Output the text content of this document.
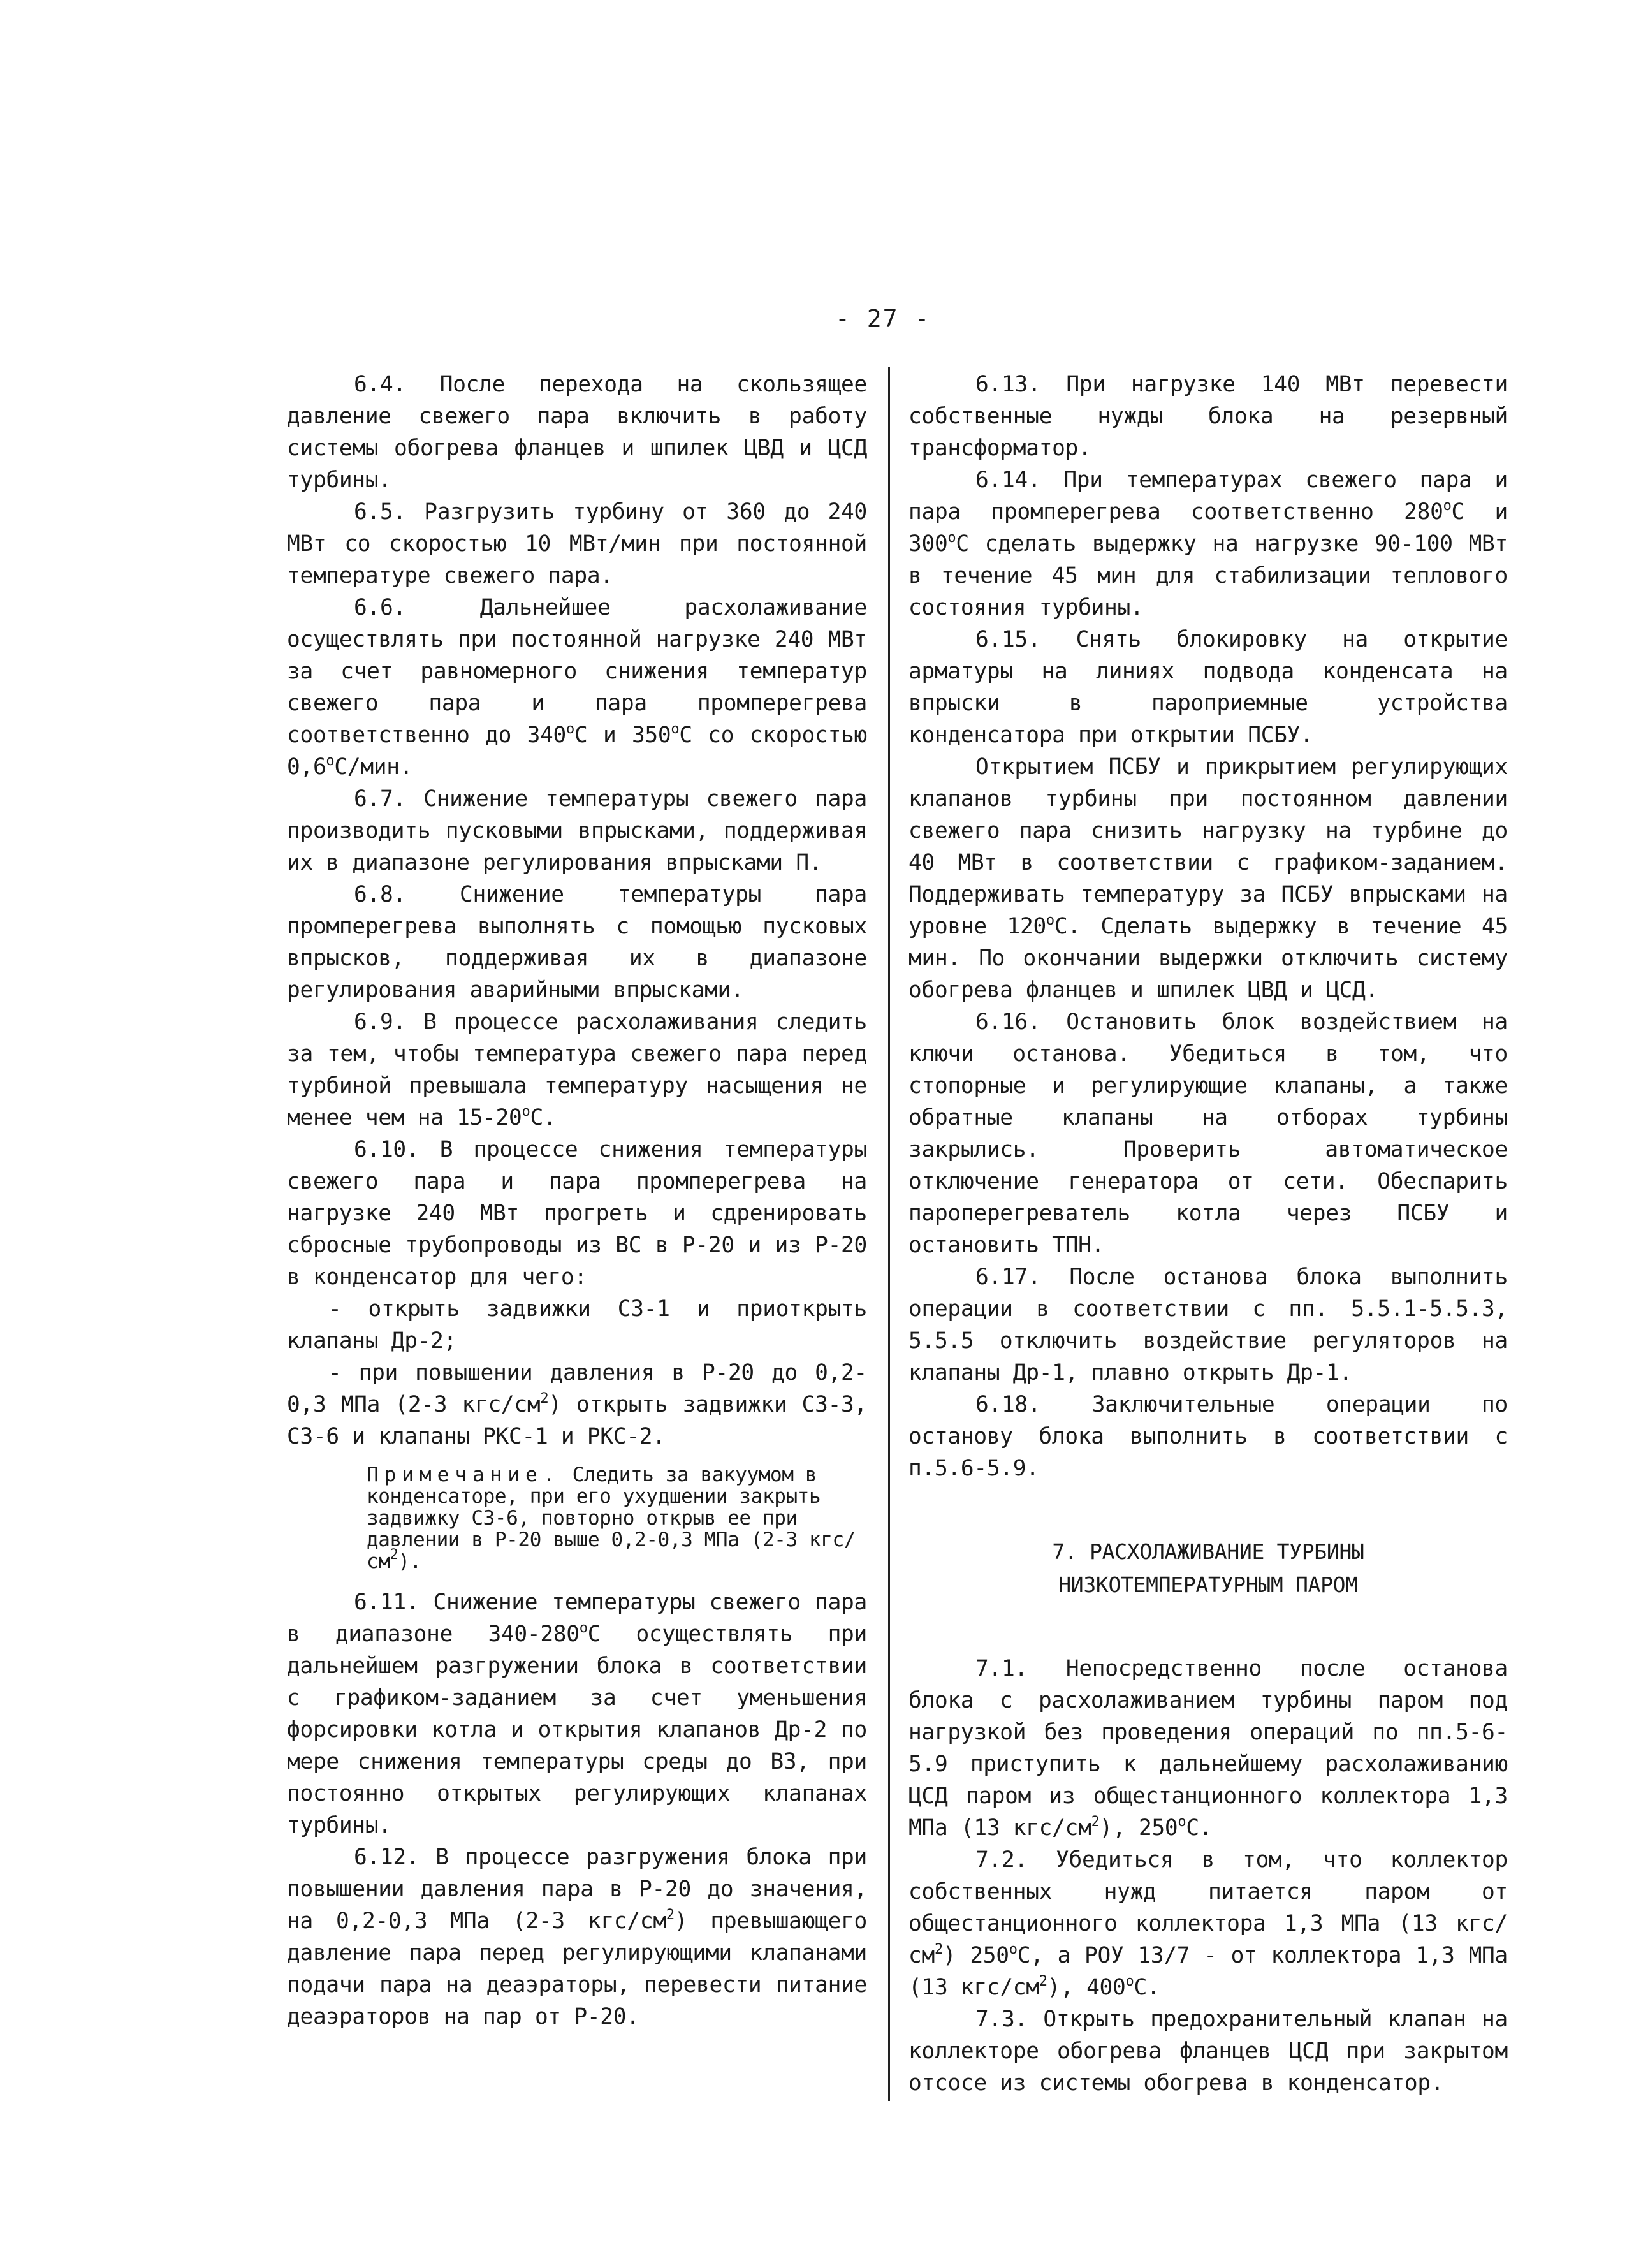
- 27 -

6.4. После перехода на скользящее давление свежего пара включить в работу системы обогрева фланцев и шпилек ЦВД и ЦСД турбины.

6.5. Разгрузить турбину от 360 до 240 МВт со скоростью 10 МВт/мин при постоянной температуре свежего пара.

6.6. Дальнейшее расхолаживание осуществлять при постоянной нагрузке 240 МВт за счет равномерного снижения температур свежего пара и пара промперегрева соответственно до $340^оС$ и $350^оС$ со скоростью $0,6^оС$/мин.

6.7. Снижение температуры свежего пара производить пусковыми впрысками, поддерживая их в диапазоне регулирования впрысками П.

6.8. Снижение температуры пара промперегрева выполнять с помощью пусковых впрысков, поддерживая их в диапазоне регулирования аварийными впрысками.

6.9. В процессе расхолаживания следить за тем, чтобы температура свежего пара перед турбиной превышала температуру насыщения не менее чем на $15-20^оС$.

6.10. В процессе снижения температуры свежего пара и пара промперегрева на нагрузке 240 МВт прогреть и сдренировать сбросные трубопроводы из ВС в Р-20 и из Р-20 в конденсатор для чего:

- открыть задвижки СЗ-1 и приоткрыть клапаны Др-2;

- при повышении давления в Р-20 до 0,2-0,3 МПа (2-3 кгс/$см^2$) открыть задвижки СЗ-3, СЗ-6 и клапаны РКС-1 и РКС-2.

Примечание. Следить за вакуумом в конденсаторе, при его ухудшении закрыть задвижку СЗ-6, повторно открыв ее при давлении в Р-20 выше 0,2-0,3 МПа (2-3 кгс/$см^2$).

6.11. Снижение температуры свежего пара в диапазоне $340-280^оС$ осуществлять при дальнейшем разгружении блока в соответствии с графиком-заданием за счет уменьшения форсировки котла и открытия клапанов Др-2 по мере снижения температуры среды до ВЗ, при постоянно открытых регулирующих клапанах турбины.

6.12. В процессе разгружения блока при повышении давления пара в Р-20 до значения, на 0,2-0,3 МПа (2-3 кгс/$см^2$) превышающего давление пара перед регулирующими клапанами подачи пара на деаэраторы, перевести питание деаэраторов на пар от Р-20.

6.13. При нагрузке 140 МВт перевести собственные нужды блока на резервный трансформатор.

6.14. При температурах свежего пара и пара промперегрева соответственно $280^оС$ и $300^оС$ сделать выдержку на нагрузке 90-100 МВт в течение 45 мин для стабилизации теплового состояния турбины.

6.15. Снять блокировку на открытие арматуры на линиях подвода конденсата на впрыски в пароприемные устройства конденсатора при открытии ПСБУ.

Открытием ПСБУ и прикрытием регулирующих клапанов турбины при постоянном давлении свежего пара снизить нагрузку на турбине до 40 МВт в соответствии с графиком-заданием. Поддерживать температуру за ПСБУ впрысками на уровне $120^оС$. Сделать выдержку в течение 45 мин. По окончании выдержки отключить систему обогрева фланцев и шпилек ЦВД и ЦСД.

6.16. Остановить блок воздействием на ключи останова. Убедиться в том, что стопорные и регулирующие клапаны, а также обратные клапаны на отборах турбины закрылись. Проверить автоматическое отключение генератора от сети. Обеспарить пароперегреватель котла через ПСБУ и остановить ТПН.

6.17. После останова блока выполнить операции в соответствии с пп. 5.5.1-5.5.3, 5.5.5 отключить воздействие регуляторов на клапаны Др-1, плавно открыть Др-1.

6.18. Заключительные операции по останову блока выполнить в соответствии с п.5.6-5.9.

7. РАСХОЛАЖИВАНИЕ ТУРБИНЫ
НИЗКОТЕМПЕРАТУРНЫМ ПАРОМ

7.1. Непосредственно после останова блока с расхолаживанием турбины паром под нагрузкой без проведения операций по пп.5-6-5.9 приступить к дальнейшему расхолаживанию ЦСД паром из общестанционного коллектора 1,3 МПа (13 кгс/$см^2$), $250^оС$.

7.2. Убедиться в том, что коллектор собственных нужд питается паром от общестанционного коллектора 1,3 МПа (13 кгс/$см^2$) $250^оС$, а РОУ 13/7 - от коллектора 1,3 МПа (13 кгс/$см^2$), $400^оС$.

7.3. Открыть предохранительный клапан на коллекторе обогрева фланцев ЦСД при закрытом отсосе из системы обогрева в конденсатор.
